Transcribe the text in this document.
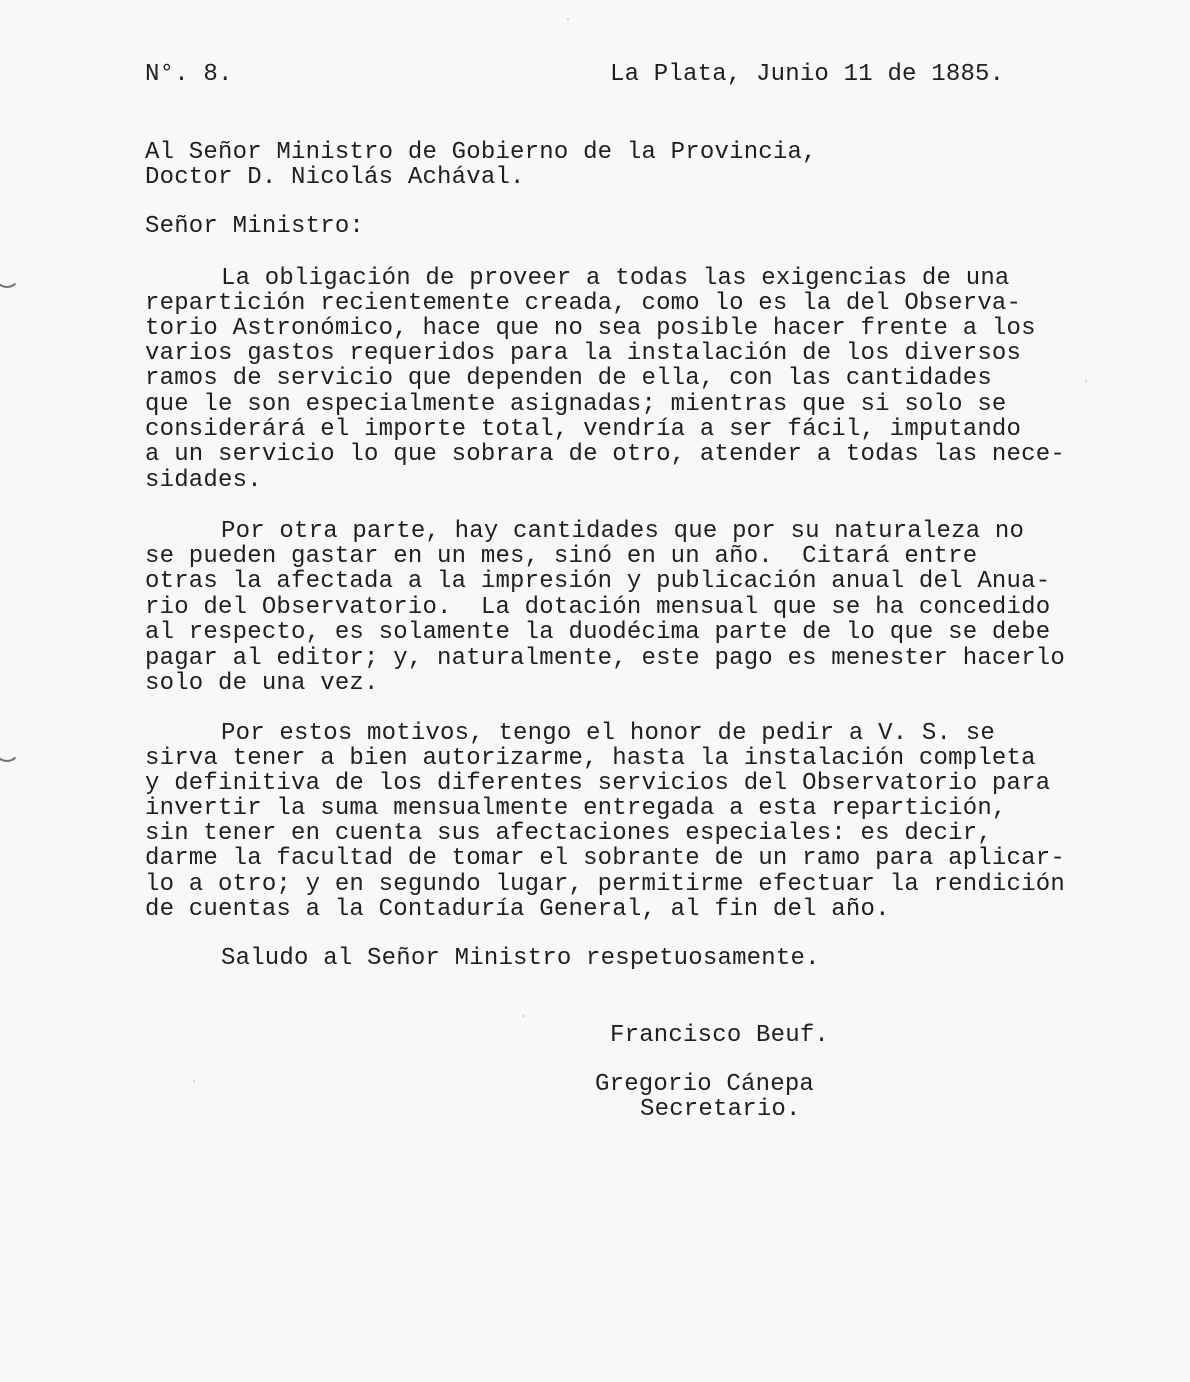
N°. 8.	La Plata, Junio 11 de 1885.
Al Señor Ministro de Gobierno de la Provincia,
Doctor D. Nicolás Achával.
Señor Ministro:
La obligación de proveer a todas las exigencias de una
repartición recientemente creada, como lo es la del Observa-
torio Astronómico, hace que no sea posible hacer frente a los
varios gastos requeridos para la instalación de los diversos
ramos de servicio que dependen de ella, con las cantidades
que le son especialmente asignadas; mientras que si solo se
considerárá el importe total, vendría a ser fácil, imputando
a un servicio lo que sobrara de otro, atender a todas las nece-
sidades.
Por otra parte, hay cantidades que por su naturaleza no
se pueden gastar en un mes, sinó en un año.  Citará entre
otras la afectada a la impresión y publicación anual del Anua-
rio del Observatorio.  La dotación mensual que se ha concedido
al respecto, es solamente la duodécima parte de lo que se debe
pagar al editor; y, naturalmente, este pago es menester hacerlo
solo de una vez.
Por estos motivos, tengo el honor de pedir a V. S. se
sirva tener a bien autorizarme, hasta la instalación completa
y definitiva de los diferentes servicios del Observatorio para
invertir la suma mensualmente entregada a esta repartición,
sin tener en cuenta sus afectaciones especiales: es decir,
darme la facultad de tomar el sobrante de un ramo para aplicar-
lo a otro; y en segundo lugar, permitirme efectuar la rendición
de cuentas a la Contaduría General, al fin del año.
Saludo al Señor Ministro respetuosamente.
Francisco Beuf.
Gregorio Cánepa
Secretario.
